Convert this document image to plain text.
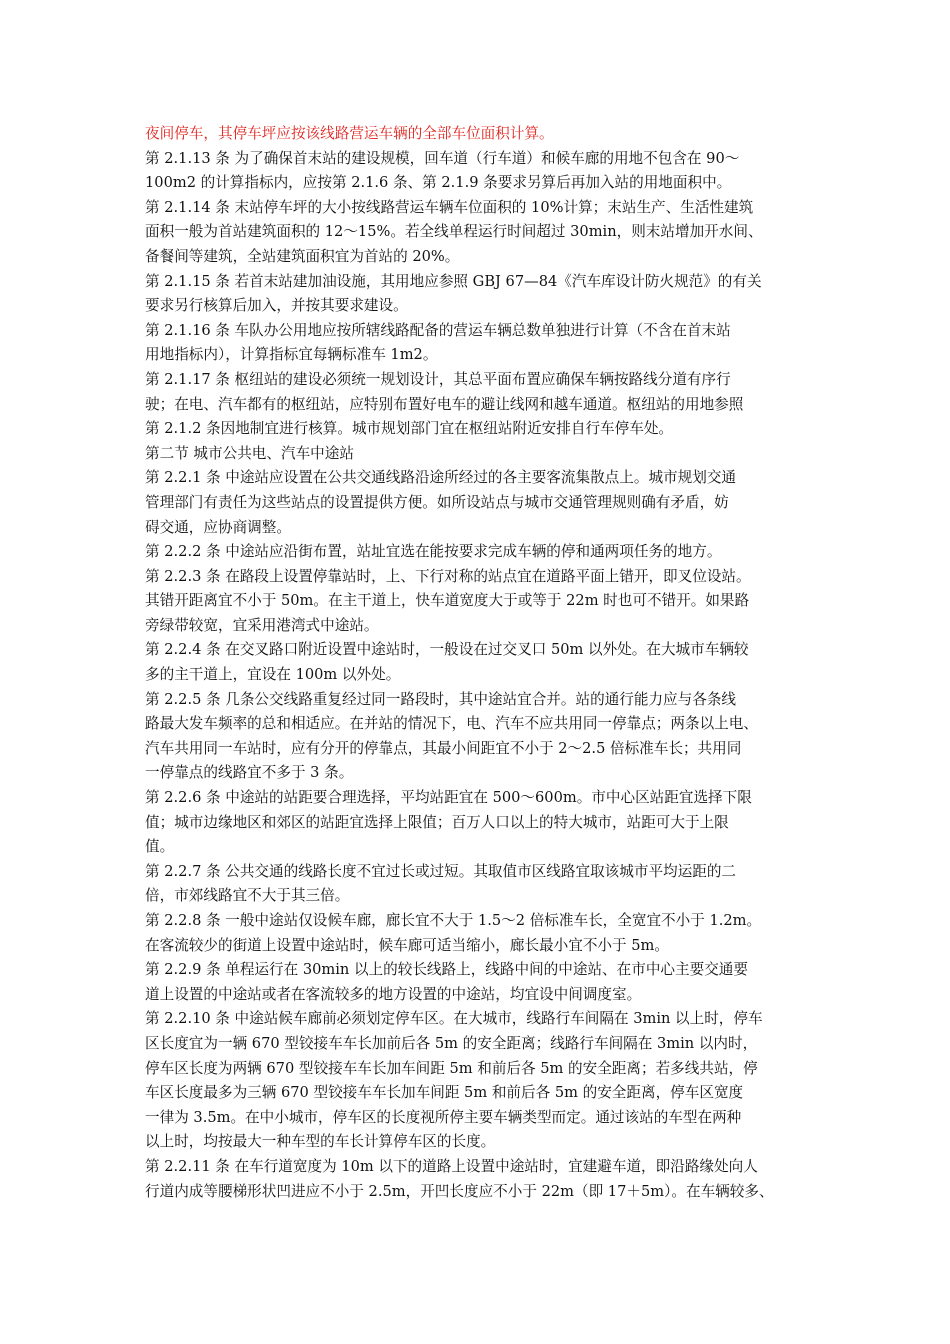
夜间停车，其停车坪应按该线路营运车辆的全部车位面积计算。
第 2.1.13 条 为了确保首末站的建设规模，回车道（行车道）和候车廊的用地不包含在 90～
100m2 的计算指标内，应按第 2.1.6 条、第 2.1.9 条要求另算后再加入站的用地面积中。
第 2.1.14 条 末站停车坪的大小按线路营运车辆车位面积的 10%计算；末站生产、生活性建筑
面积一般为首站建筑面积的 12～15%。若全线单程运行时间超过 30min，则末站增加开水间、
备餐间等建筑，全站建筑面积宜为首站的 20%。
第 2.1.15 条 若首末站建加油设施，其用地应参照 GBJ 67—84《汽车库设计防火规范》的有关
要求另行核算后加入，并按其要求建设。
第 2.1.16 条 车队办公用地应按所辖线路配备的营运车辆总数单独进行计算（不含在首末站
用地指标内），计算指标宜每辆标准车 1m2。
第 2.1.17 条 枢纽站的建设必须统一规划设计，其总平面布置应确保车辆按路线分道有序行
驶；在电、汽车都有的枢纽站，应特别布置好电车的避让线网和越车通道。枢纽站的用地参照
第 2.1.2 条因地制宜进行核算。城市规划部门宜在枢纽站附近安排自行车停车处。
第二节 城市公共电、汽车中途站
第 2.2.1 条 中途站应设置在公共交通线路沿途所经过的各主要客流集散点上。城市规划交通
管理部门有责任为这些站点的设置提供方便。如所设站点与城市交通管理规则确有矛盾，妨
碍交通，应协商调整。
第 2.2.2 条 中途站应沿街布置，站址宜选在能按要求完成车辆的停和通两项任务的地方。
第 2.2.3 条 在路段上设置停靠站时，上、下行对称的站点宜在道路平面上错开，即叉位设站。
其错开距离宜不小于 50m。在主干道上，快车道宽度大于或等于 22m 时也可不错开。如果路
旁绿带较宽，宜采用港湾式中途站。
第 2.2.4 条 在交叉路口附近设置中途站时，一般设在过交叉口 50m 以外处。在大城市车辆较
多的主干道上，宜设在 100m 以外处。
第 2.2.5 条 几条公交线路重复经过同一路段时，其中途站宜合并。站的通行能力应与各条线
路最大发车频率的总和相适应。在并站的情况下，电、汽车不应共用同一停靠点；两条以上电、
汽车共用同一车站时，应有分开的停靠点，其最小间距宜不小于 2～2.5 倍标准车长；共用同
一停靠点的线路宜不多于 3 条。
第 2.2.6 条 中途站的站距要合理选择，平均站距宜在 500～600m。市中心区站距宜选择下限
值；城市边缘地区和郊区的站距宜选择上限值；百万人口以上的特大城市，站距可大于上限
值。
第 2.2.7 条 公共交通的线路长度不宜过长或过短。其取值市区线路宜取该城市平均运距的二
倍，市郊线路宜不大于其三倍。
第 2.2.8 条 一般中途站仅设候车廊，廊长宜不大于 1.5～2 倍标准车长，全宽宜不小于 1.2m。
在客流较少的街道上设置中途站时，候车廊可适当缩小，廊长最小宜不小于 5m。
第 2.2.9 条 单程运行在 30min 以上的较长线路上，线路中间的中途站、在市中心主要交通要
道上设置的中途站或者在客流较多的地方设置的中途站，均宜设中间调度室。
第 2.2.10 条 中途站候车廊前必须划定停车区。在大城市，线路行车间隔在 3min 以上时，停车
区长度宜为一辆 670 型铰接车车长加前后各 5m 的安全距离；线路行车间隔在 3min 以内时，
停车区长度为两辆 670 型铰接车车长加车间距 5m 和前后各 5m 的安全距离；若多线共站，停
车区长度最多为三辆 670 型铰接车车长加车间距 5m 和前后各 5m 的安全距离，停车区宽度
一律为 3.5m。在中小城市，停车区的长度视所停主要车辆类型而定。通过该站的车型在两种
以上时，均按最大一种车型的车长计算停车区的长度。
第 2.2.11 条 在车行道宽度为 10m 以下的道路上设置中途站时，宜建避车道，即沿路缘处向人
行道内成等腰梯形状凹进应不小于 2.5m，开凹长度应不小于 22m（即 17＋5m）。在车辆较多、
